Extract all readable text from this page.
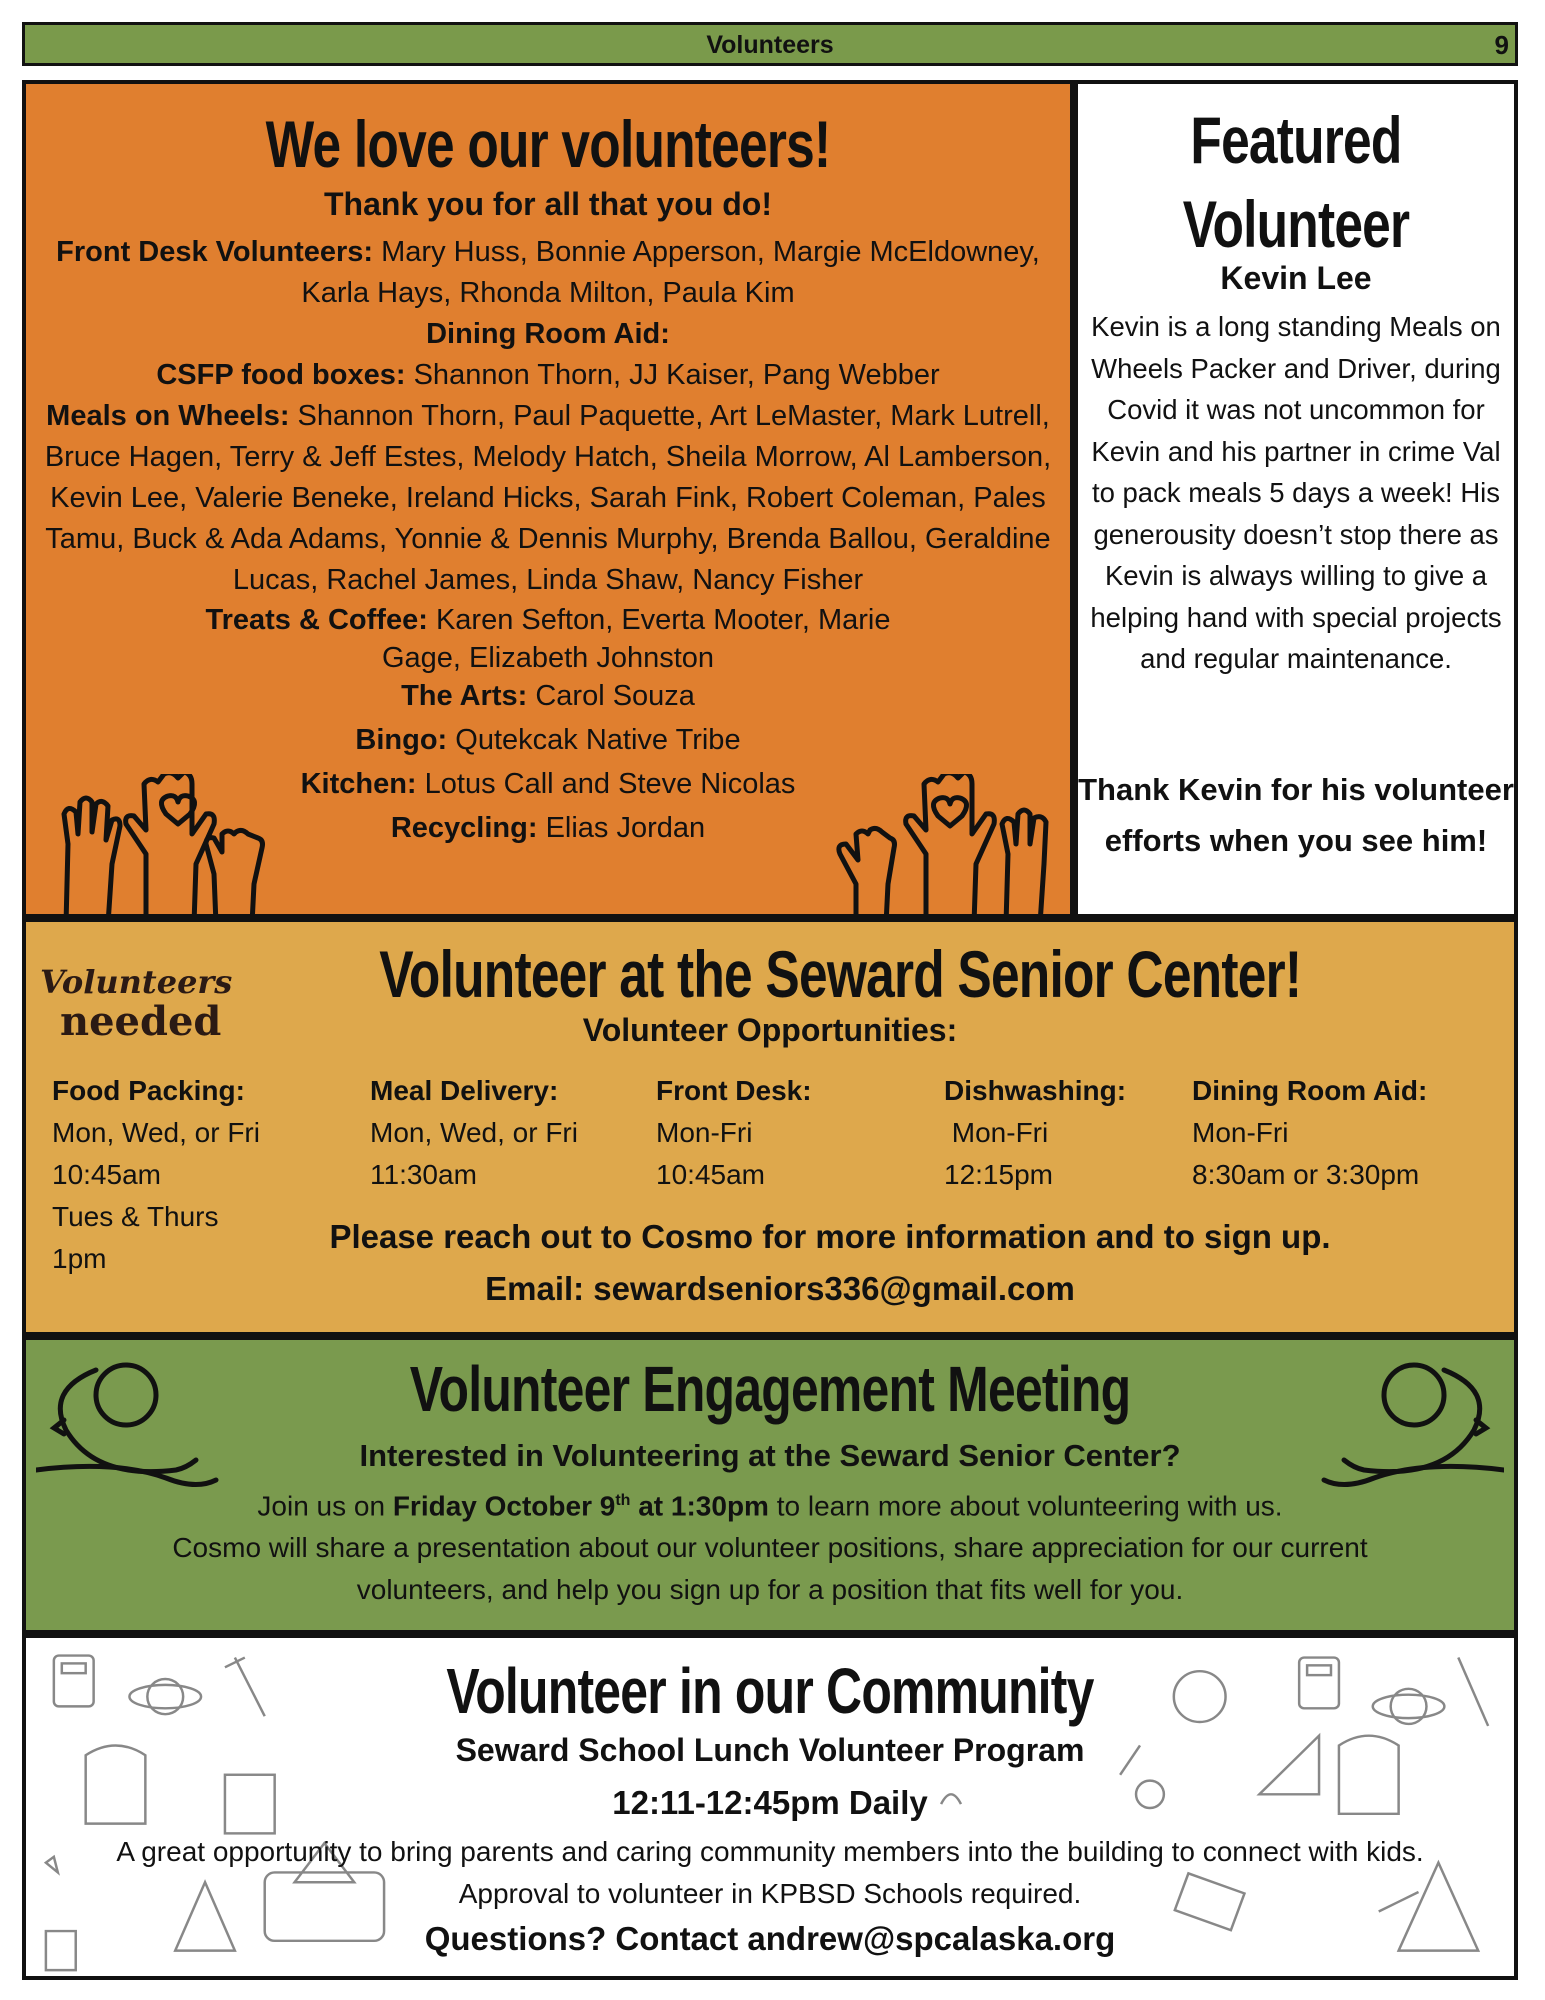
Volunteers	9
We love our volunteers!
Thank you for all that you do!
Front Desk Volunteers: Mary Huss, Bonnie Apperson, Margie McEldowney, Karla Hays, Rhonda Milton, Paula Kim
Dining Room Aid:
CSFP food boxes: Shannon Thorn, JJ Kaiser, Pang Webber
Meals on Wheels: Shannon Thorn, Paul Paquette, Art LeMaster, Mark Lutrell, Bruce Hagen, Terry & Jeff Estes, Melody Hatch, Sheila Morrow, Al Lamberson, Kevin Lee, Valerie Beneke, Ireland Hicks, Sarah Fink, Robert Coleman, Pales Tamu, Buck & Ada Adams, Yonnie & Dennis Murphy, Brenda Ballou, Geraldine Lucas, Rachel James, Linda Shaw, Nancy Fisher
Treats & Coffee: Karen Sefton, Everta Mooter, Marie Gage, Elizabeth Johnston
The Arts: Carol Souza
Bingo: Qutekcak Native Tribe
Kitchen: Lotus Call and Steve Nicolas
Recycling: Elias Jordan
Featured
Volunteer
Kevin Lee
Kevin is a long standing Meals on Wheels Packer and Driver, during Covid it was not uncommon for Kevin and his partner in crime Val to pack meals 5 days a week! His generousity doesn’t stop there as Kevin is always willing to give a helping hand with special projects and regular maintenance.
Thank Kevin for his volunteer efforts when you see him!
Volunteers
needed
Volunteer at the Seward Senior Center!
Volunteer Opportunities:
Food Packing:
Mon, Wed, or Fri
10:45am
Tues & Thurs
1pm
Meal Delivery:
Mon, Wed, or Fri
11:30am
Front Desk:
Mon-Fri
10:45am
Dishwashing:
Mon-Fri
12:15pm
Dining Room Aid:
Mon-Fri
8:30am or 3:30pm
Please reach out to Cosmo for more information and to sign up.
Email: sewardseniors336@gmail.com
Volunteer Engagement Meeting
Interested in Volunteering at the Seward Senior Center?
Join us on Friday October 9th at 1:30pm to learn more about volunteering with us.
Cosmo will share a presentation about our volunteer positions, share appreciation for our current volunteers, and help you sign up for a position that fits well for you.
Volunteer in our Community
Seward School Lunch Volunteer Program
12:11-12:45pm Daily
A great opportunity to bring parents and caring community members into the building to connect with kids.
Approval to volunteer in KPBSD Schools required.
Questions? Contact andrew@spcalaska.org
